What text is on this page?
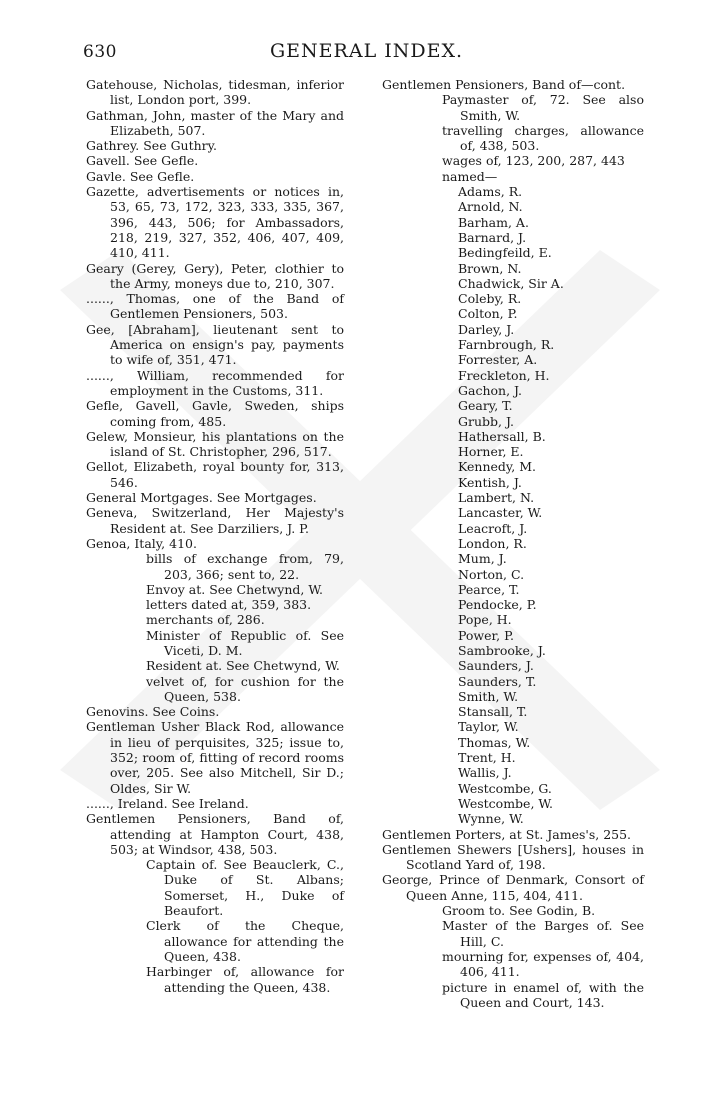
630	GENERAL INDEX.
Gatehouse, Nicholas, tidesman, inferior list, London port, 399.
Gathman, John, master of the Mary and Elizabeth, 507.
Gathrey. See Guthry.
Gavell. See Gefle.
Gavle. See Gefle.
Gazette, advertisements or notices in, 53, 65, 73, 172, 323, 333, 335, 367, 396, 443, 506; for Ambassadors, 218, 219, 327, 352, 406, 407, 409, 410, 411.
Geary (Gerey, Gery), Peter, clothier to the Army, moneys due to, 210, 307.
......, Thomas, one of the Band of Gentlemen Pensioners, 503.
Gee, [Abraham], lieutenant sent to America on ensign's pay, payments to wife of, 351, 471.
......, William, recommended for employment in the Customs, 311.
Gefle, Gavell, Gavle, Sweden, ships coming from, 485.
Gelew, Monsieur, his plantations on the island of St. Christopher, 296, 517.
Gellot, Elizabeth, royal bounty for, 313, 546.
General Mortgages. See Mortgages.
Geneva, Switzerland, Her Majesty's Resident at. See Darziliers, J. P.
Genoa, Italy, 410.
bills of exchange from, 79, 203, 366; sent to, 22.
Envoy at. See Chetwynd, W.
letters dated at, 359, 383.
merchants of, 286.
Minister of Republic of. See Viceti, D. M.
Resident at. See Chetwynd, W.
velvet of, for cushion for the Queen, 538.
Genovins. See Coins.
Gentleman Usher Black Rod, allowance in lieu of perquisites, 325; issue to, 352; room of, fitting of record rooms over, 205. See also Mitchell, Sir D.; Oldes, Sir W.
......, Ireland. See Ireland.
Gentlemen Pensioners, Band of, attending at Hampton Court, 438, 503; at Windsor, 438, 503.
Captain of. See Beauclerk, C., Duke of St. Albans; Somerset, H., Duke of Beaufort.
Clerk of the Cheque, allowance for attending the Queen, 438.
Harbinger of, allowance for attending the Queen, 438.
Gentlemen Pensioners, Band of—cont.
Paymaster of, 72. See also Smith, W.
travelling charges, allowance of, 438, 503.
wages of, 123, 200, 287, 443
named—
Adams, R.
Arnold, N.
Barham, A.
Barnard, J.
Bedingfeild, E.
Brown, N.
Chadwick, Sir A.
Coleby, R.
Colton, P.
Darley, J.
Farnbrough, R.
Forrester, A.
Freckleton, H.
Gachon, J.
Geary, T.
Grubb, J.
Hathersall, B.
Horner, E.
Kennedy, M.
Kentish, J.
Lambert, N.
Lancaster, W.
Leacroft, J.
London, R.
Mum, J.
Norton, C.
Pearce, T.
Pendocke, P.
Pope, H.
Power, P.
Sambrooke, J.
Saunders, J.
Saunders, T.
Smith, W.
Stansall, T.
Taylor, W.
Thomas, W.
Trent, H.
Wallis, J.
Westcombe, G.
Westcombe, W.
Wynne, W.
Gentlemen Porters, at St. James's, 255.
Gentlemen Shewers [Ushers], houses in Scotland Yard of, 198.
George, Prince of Denmark, Consort of Queen Anne, 115, 404, 411.
Groom to. See Godin, B.
Master of the Barges of. See Hill, C.
mourning for, expenses of, 404, 406, 411.
picture in enamel of, with the Queen and Court, 143.
